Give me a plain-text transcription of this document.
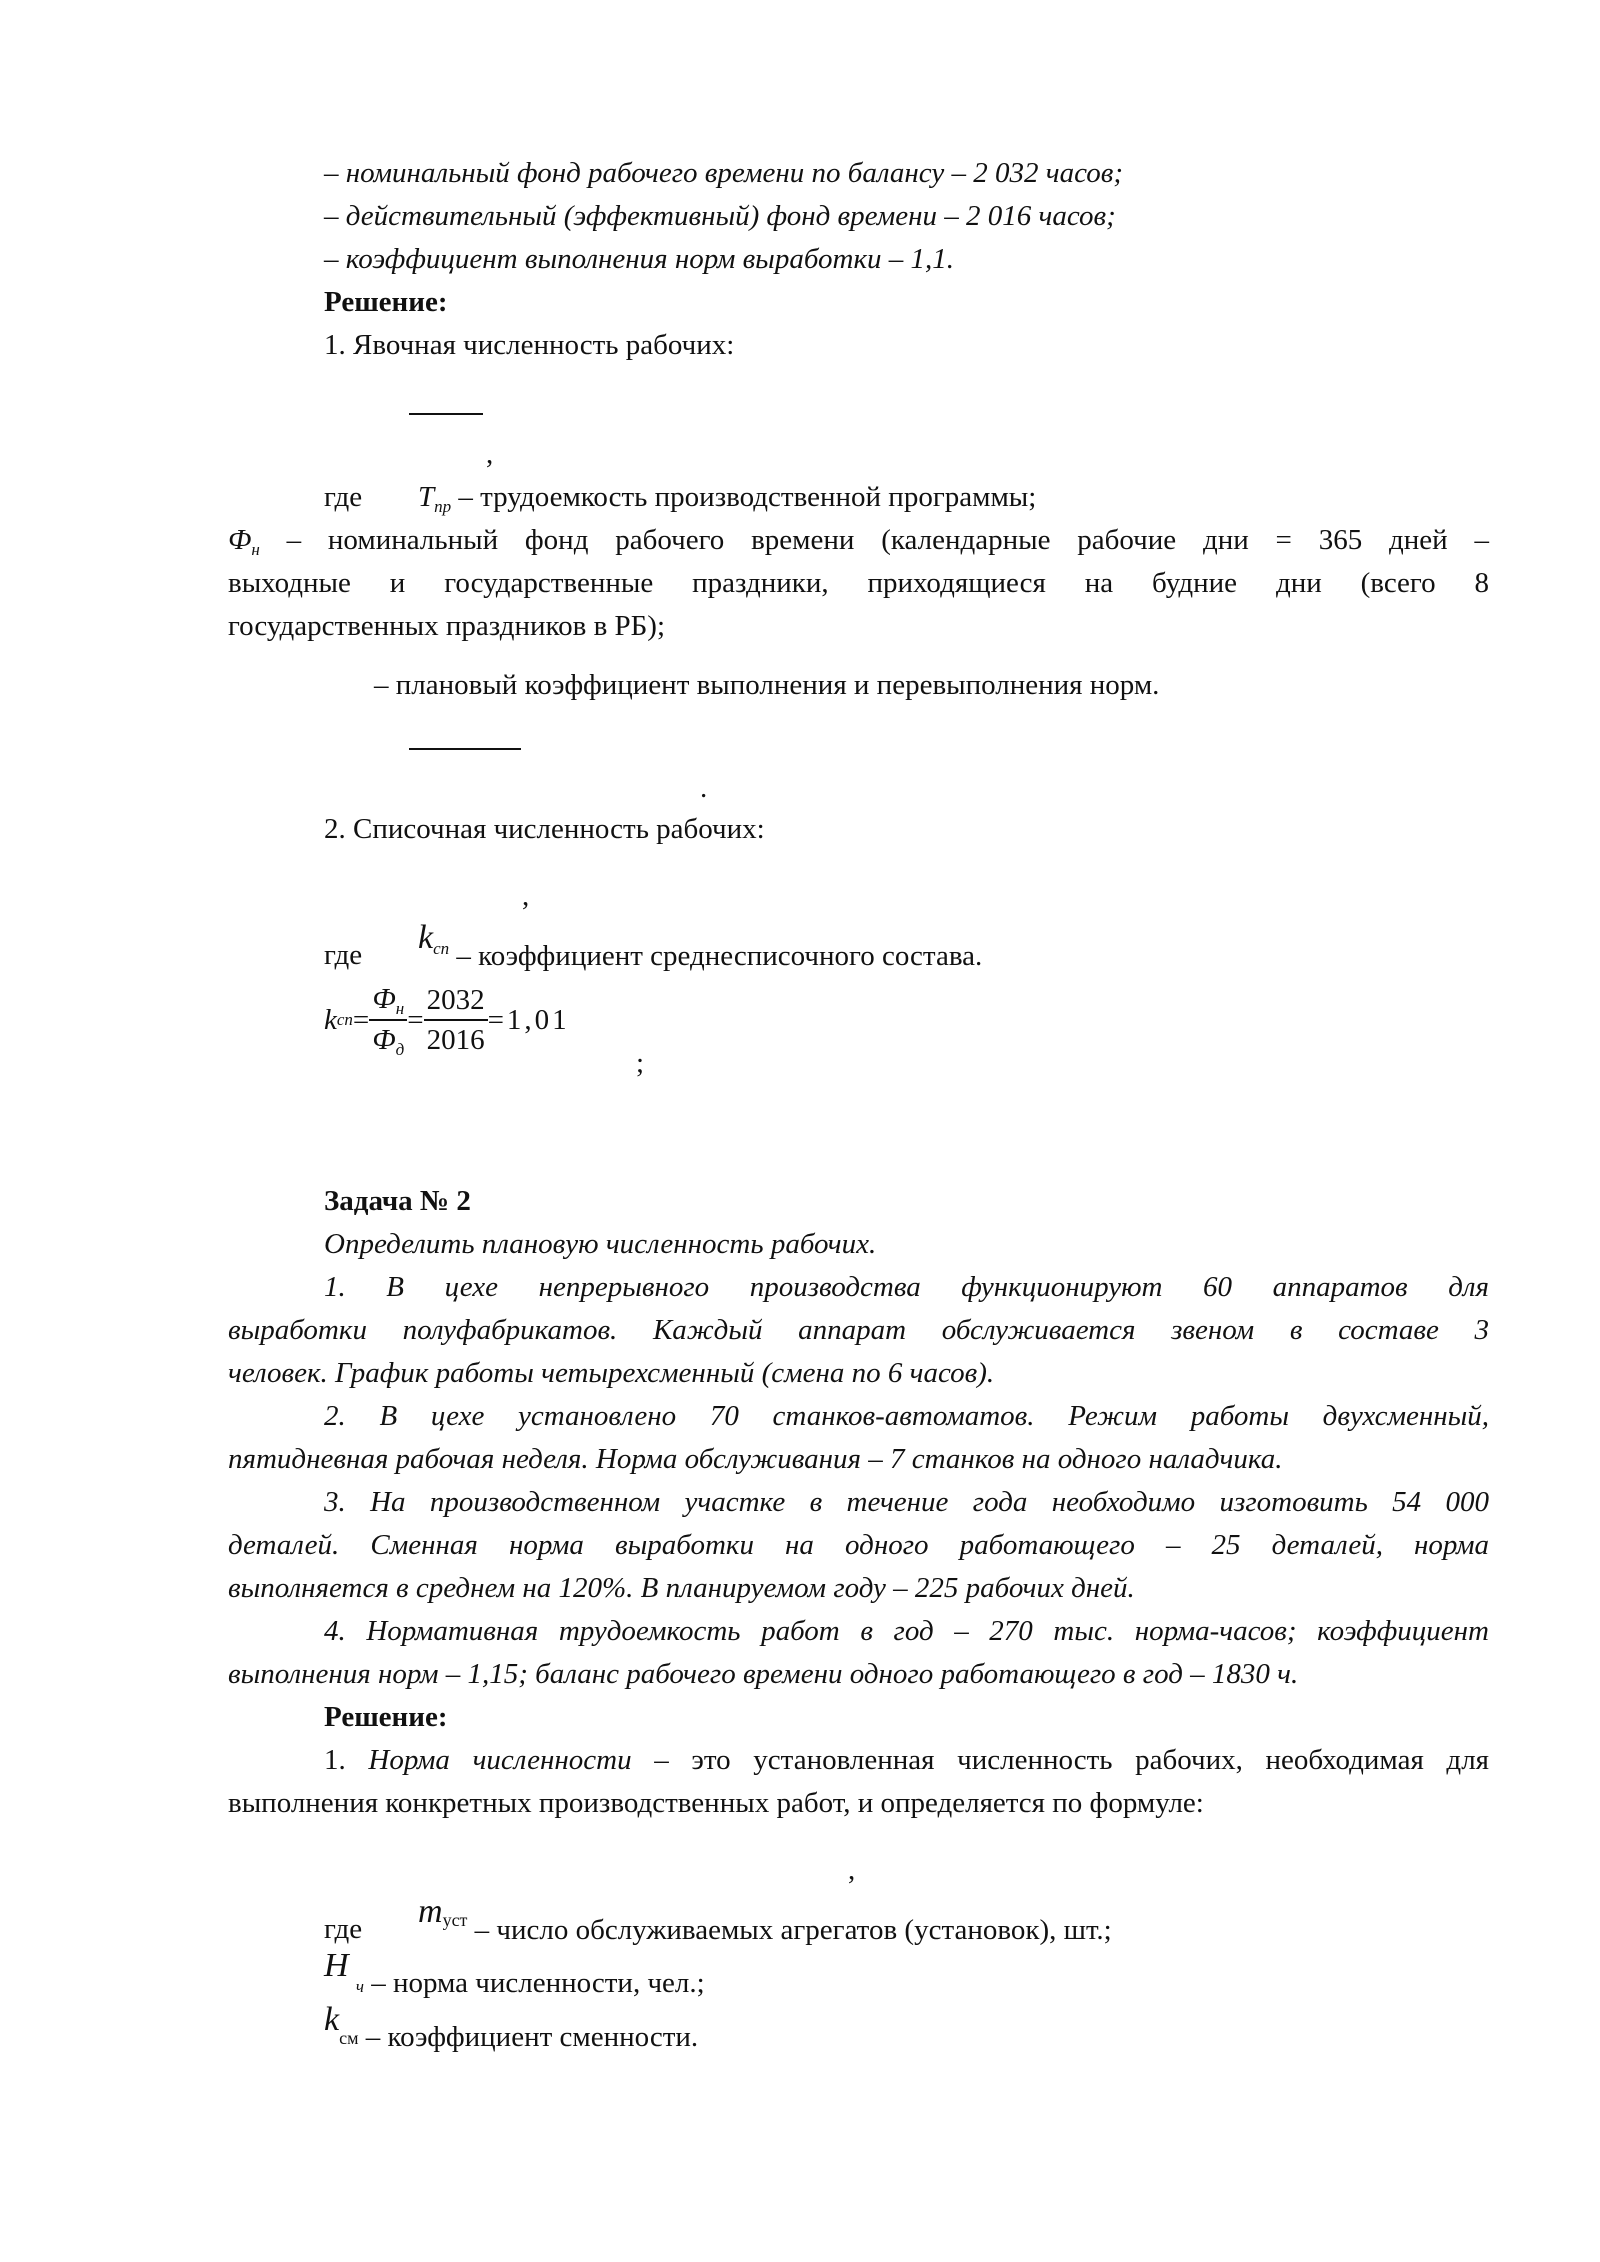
– номинальный фонд рабочего времени по балансу – 2 032 часов;
– действительный (эффективный) фонд времени – 2 016 часов;
– коэффициент выполнения норм выработки – 1,1.
Решение:
1. Явочная численность рабочих:
,
где $T_{пр}$ – трудоемкость производственной программы;
$Ф_н$ – номинальный фонд рабочего времени (календарные рабочие дни = 365 дней –
выходные и государственные праздники, приходящиеся на будние дни (всего 8
государственных праздников в РБ);
– плановый коэффициент выполнения и перевыполнения норм.
.
2. Списочная численность рабочих:
,
где $k_{сп}$ – коэффициент среднесписочного состава.
k сп = $\frac{Ф_н}{Ф_д} = \frac{2032}{2016} =1,01$
;
Задача № 2
Определить плановую численность рабочих.
1. В цехе непрерывного производства функционируют 60 аппаратов для
выработки полуфабрикатов. Каждый аппарат обслуживается звеном в составе 3
человек. График работы четырехсменный (смена по 6 часов).
2. В цехе установлено 70 станков-автоматов. Режим работы двухсменный,
пятидневная рабочая неделя. Норма обслуживания – 7 станков на одного наладчика.
3. На производственном участке в течение года необходимо изготовить 54 000
деталей. Сменная норма выработки на одного работающего – 25 деталей, норма
выполняется в среднем на 120%. В планируемом году – 225 рабочих дней.
4. Нормативная трудоемкость работ в год – 270 тыс. норма-часов; коэффициент
выполнения норм – 1,15; баланс рабочего времени одного работающего в год – 1830 ч.
Решение:
1. Норма численности – это установленная численность рабочих, необходимая для
выполнения конкретных производственных работ, и определяется по формуле:
,
где mуст – число обслуживаемых агрегатов (установок), шт.;
Н $_ч$ – норма численности, чел.;
$k_{см}$ – коэффициент сменности.
